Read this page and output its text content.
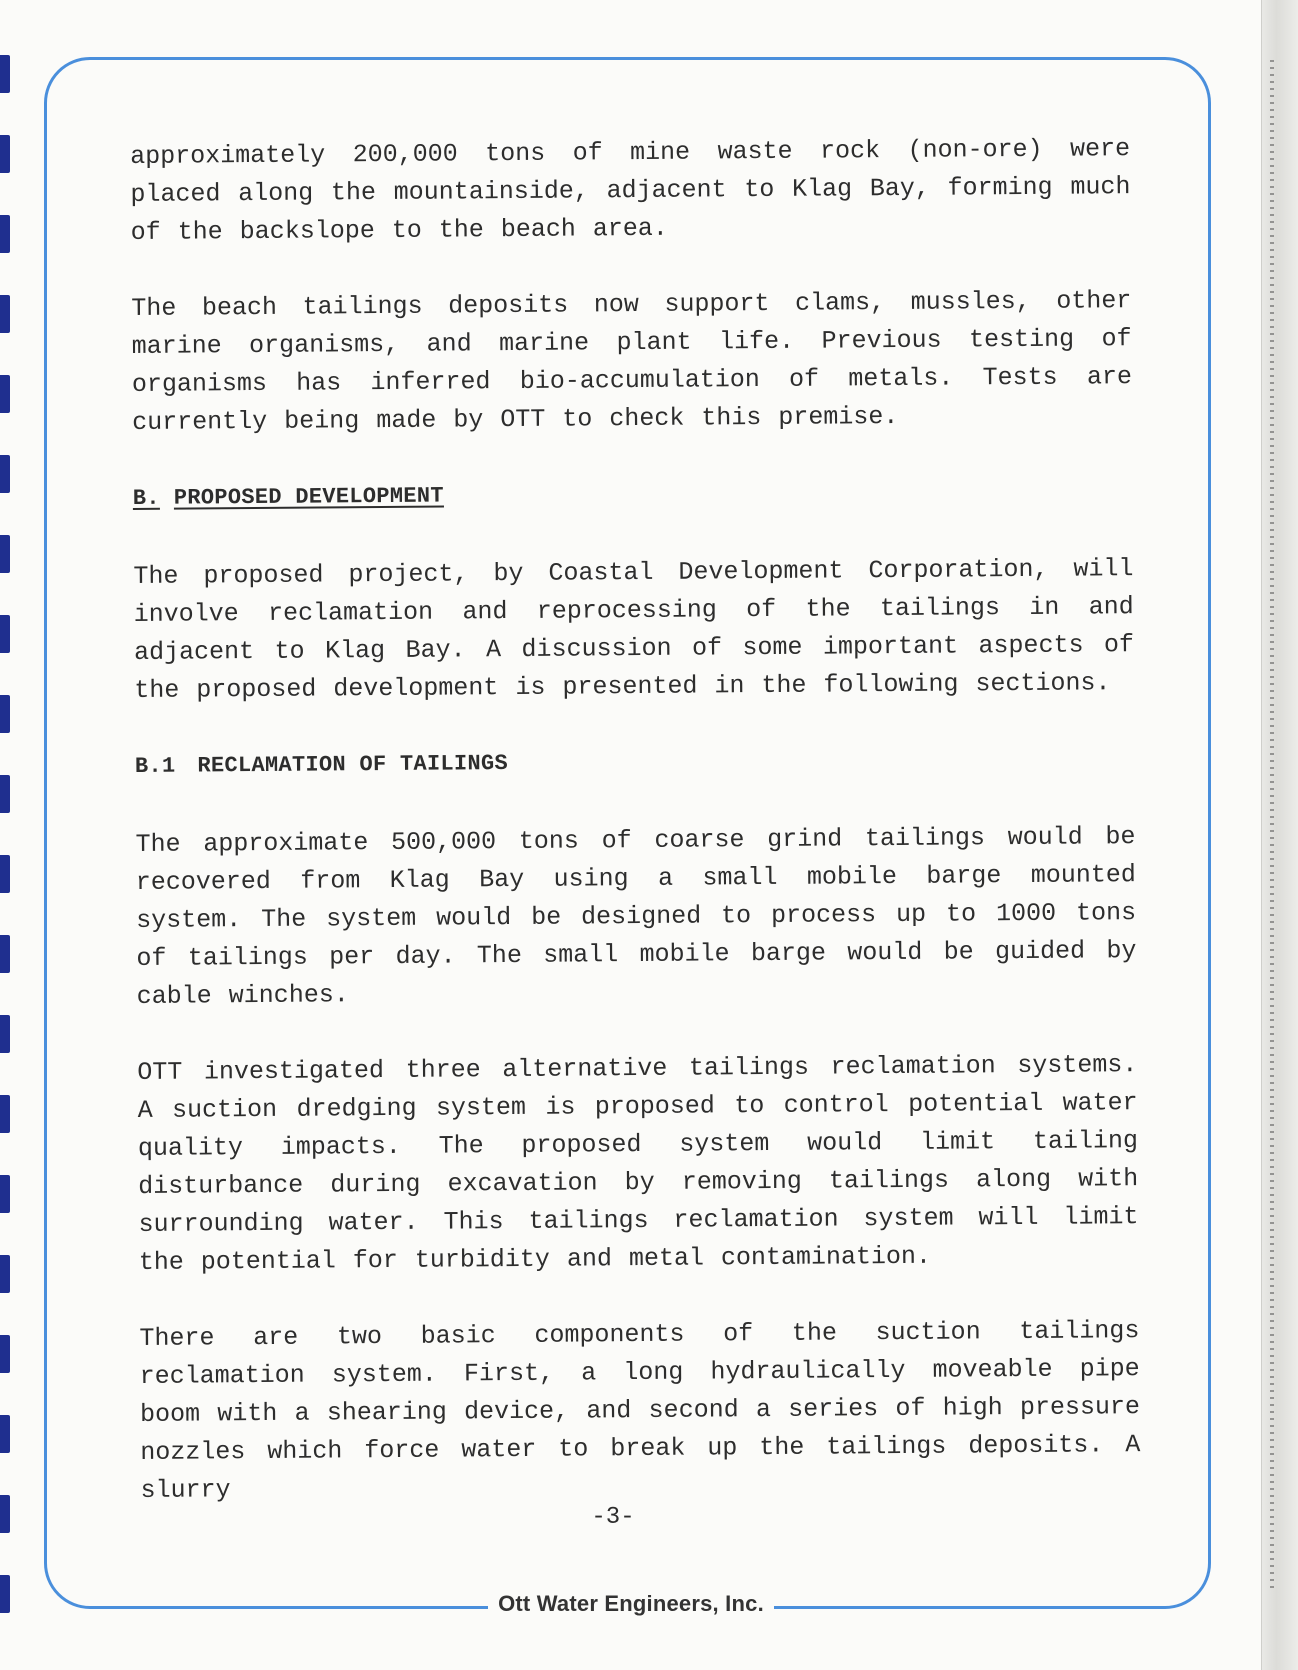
approximately 200,000 tons of mine waste rock (non-ore) were placed along the mountainside, adjacent to Klag Bay, forming much of the backslope to the beach area.

The beach tailings deposits now support clams, mussles, other marine organisms, and marine plant life. Previous testing of organisms has inferred bio-accumulation of metals. Tests are currently being made by OTT to check this premise.

B. PROPOSED DEVELOPMENT

The proposed project, by Coastal Development Corporation, will involve reclamation and reprocessing of the tailings in and adjacent to Klag Bay. A discussion of some important aspects of the proposed development is presented in the following sections.

B.1 RECLAMATION OF TAILINGS

The approximate 500,000 tons of coarse grind tailings would be recovered from Klag Bay using a small mobile barge mounted system. The system would be designed to process up to 1000 tons of tailings per day. The small mobile barge would be guided by cable winches.

OTT investigated three alternative tailings reclamation systems. A suction dredging system is proposed to control potential water quality impacts. The proposed system would limit tailing disturbance during excavation by removing tailings along with surrounding water. This tailings reclamation system will limit the potential for turbidity and metal contamination.

There are two basic components of the suction tailings reclamation system. First, a long hydraulically moveable pipe boom with a shearing device, and second a series of high pressure nozzles which force water to break up the tailings deposits. A slurry

-3-
Ott Water Engineers, Inc.
